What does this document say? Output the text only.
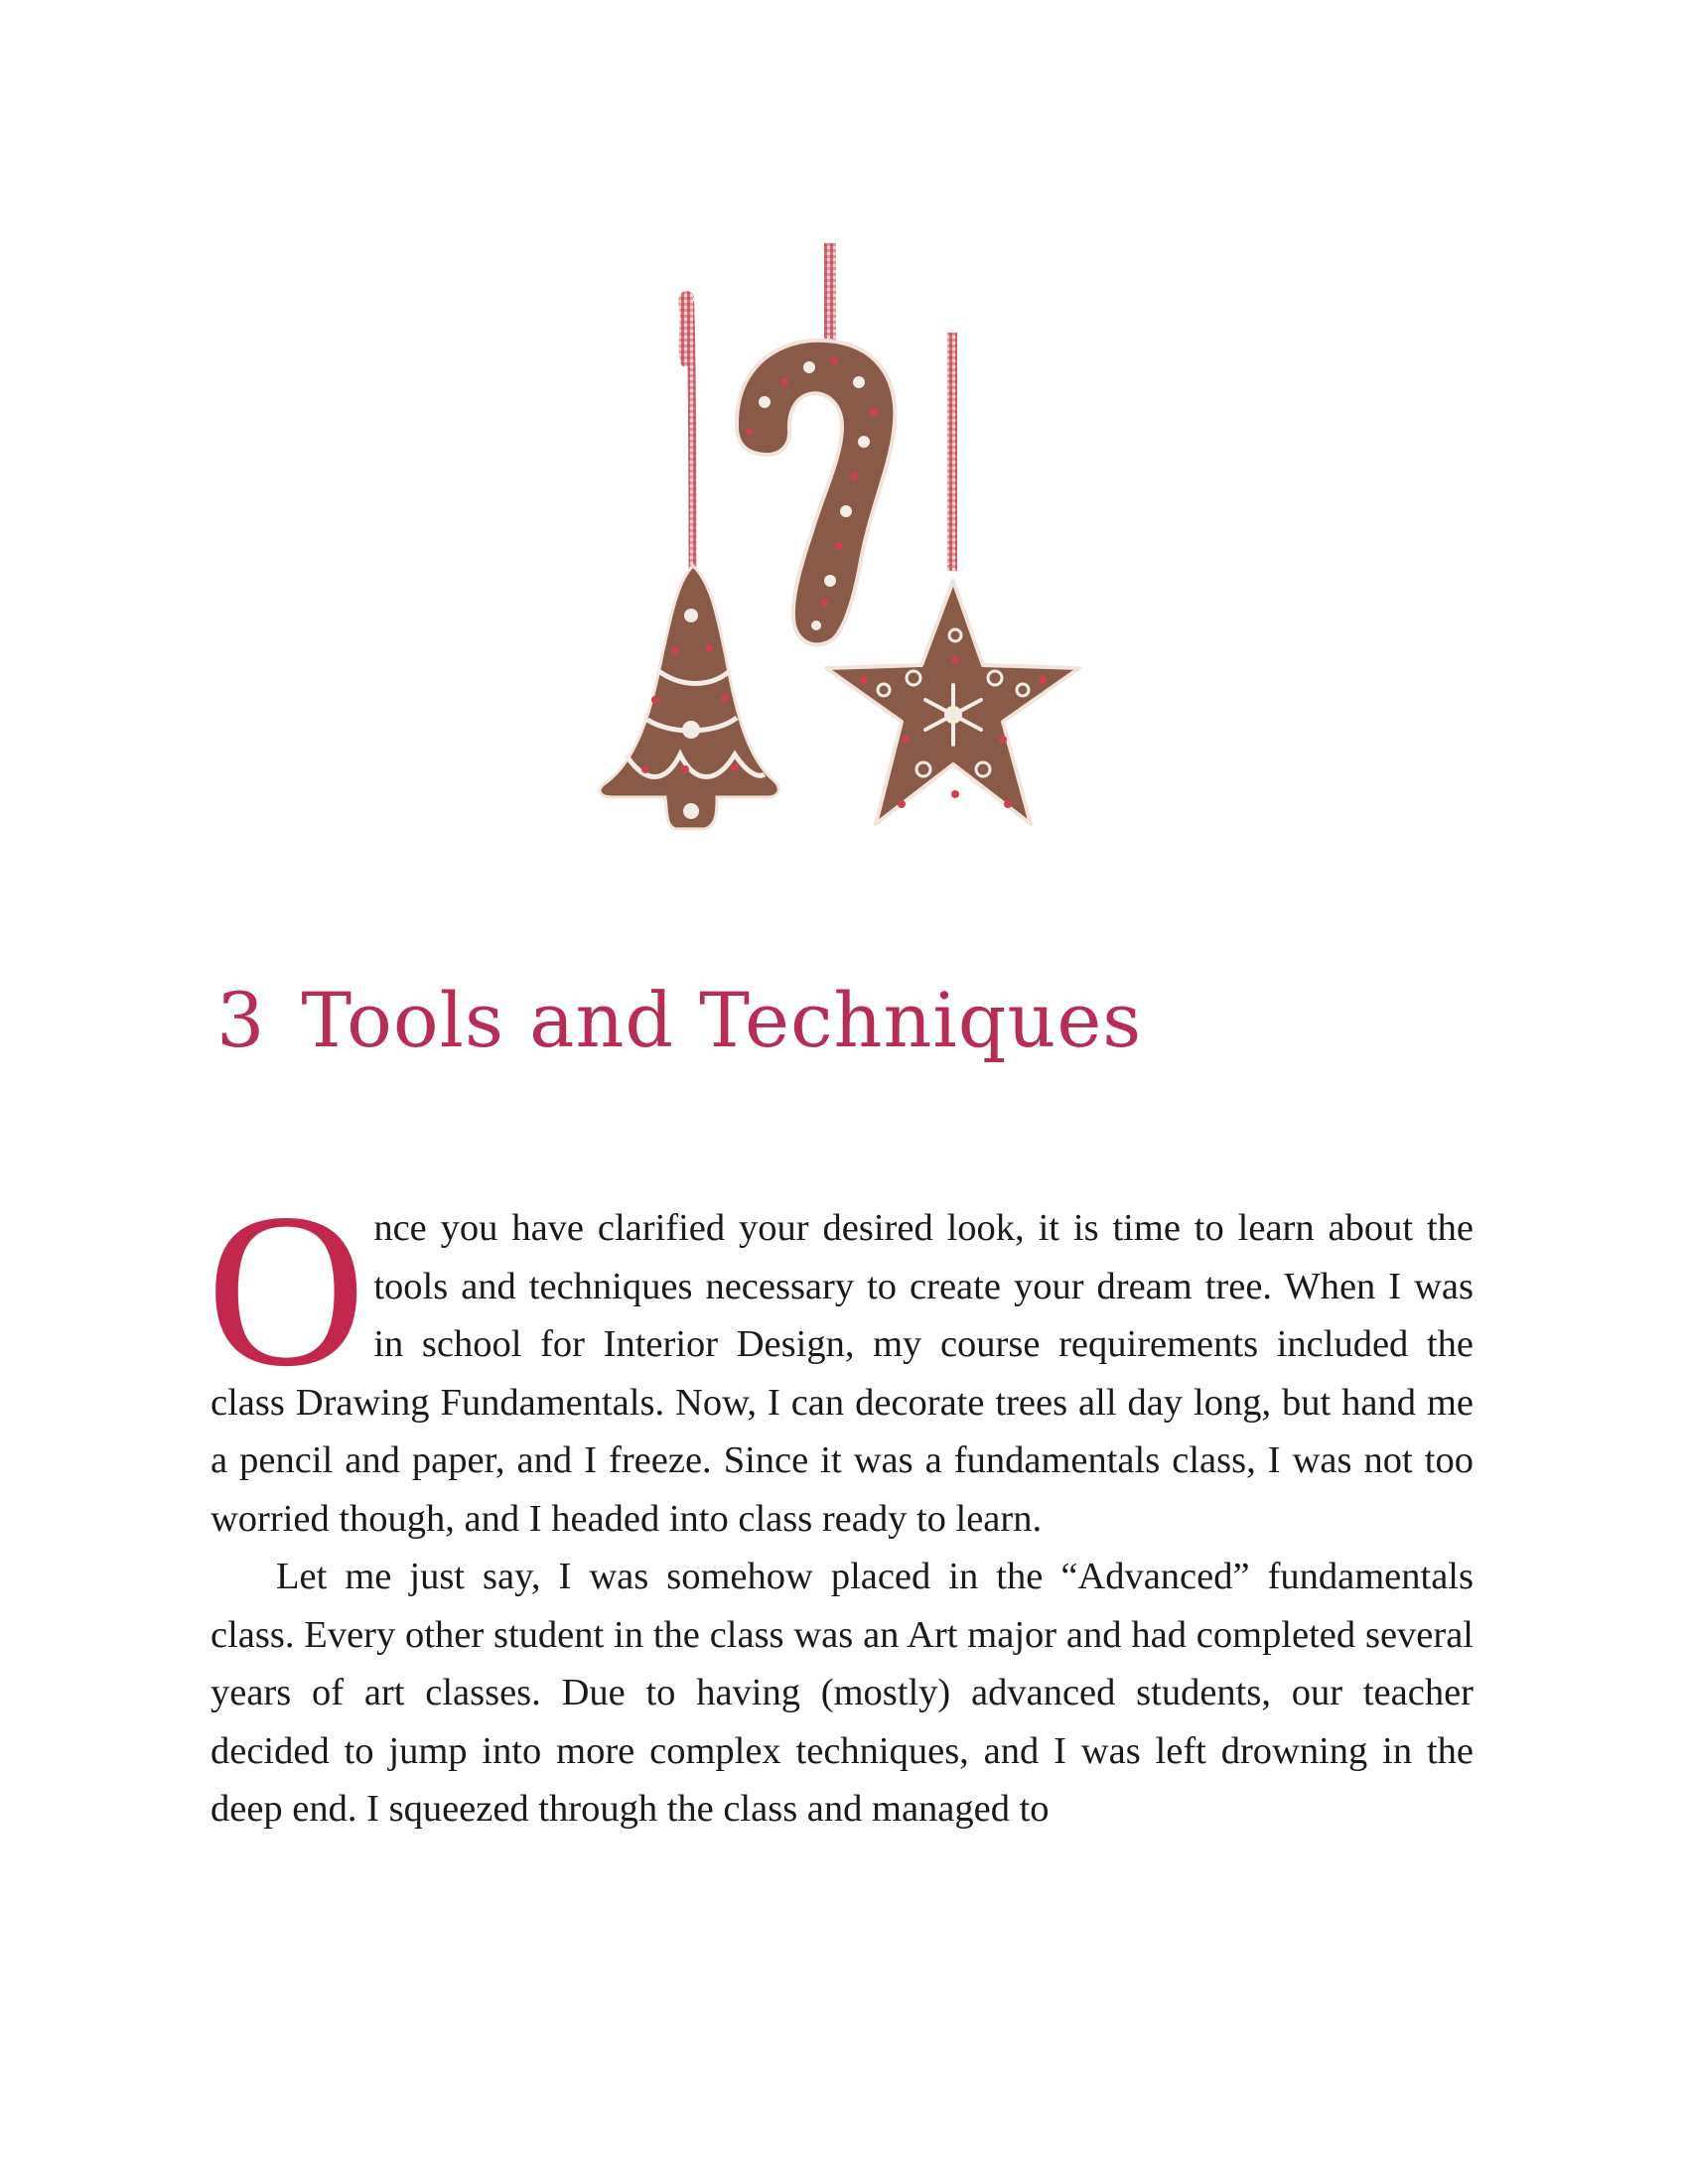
3 Tools and Techniques

Once you have clarified your desired look, it is time to learn about the tools and techniques necessary to create your dream tree. When I was in school for Interior Design, my course requirements included the class Drawing Fundamentals. Now, I can decorate trees all day long, but hand me a pencil and paper, and I freeze. Since it was a fundamentals class, I was not too worried though, and I headed into class ready to learn.

Let me just say, I was somehow placed in the “Advanced” fundamentals class. Every other student in the class was an Art major and had completed several years of art classes. Due to having (mostly) advanced students, our teacher decided to jump into more complex techniques, and I was left drowning in the deep end. I squeezed through the class and managed to
